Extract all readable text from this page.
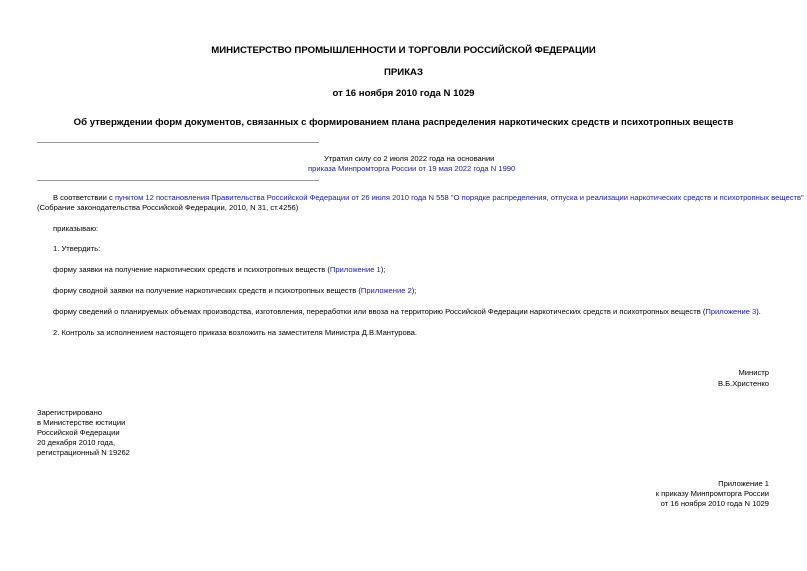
МИНИСТЕРСТВО ПРОМЫШЛЕННОСТИ И ТОРГОВЛИ РОССИЙСКОЙ ФЕДЕРАЦИИ
ПРИКАЗ
от 16 ноября 2010 года N 1029
Об утверждении форм документов, связанных с формированием плана распределения наркотических средств и психотропных веществ
Утратил силу со 2 июля 2022 года на основании
приказа Минпромторга России от 19 мая 2022 года N 1990
В соответствии с пунктом 12 постановления Правительства Российской Федерации от 26 июля 2010 года N 558 "О порядке распределения, отпуска и реализации наркотических средств и психотропных веществ"
(Собрание законодательства Российской Федерации, 2010, N 31, ст.4256)
приказываю:
1. Утвердить:
форму заявки на получение наркотических средств и психотропных веществ (Приложение 1);
форму сводной заявки на получение наркотических средств и психотропных веществ (Приложение 2);
форму сведений о планируемых объемах производства, изготовления, переработки или ввоза на территорию Российской Федерации наркотических средств и психотропных веществ (Приложение 3).
2. Контроль за исполнением настоящего приказа возложить на заместителя Министра Д.В.Мантурова.
Министр
В.Б.Христенко
Зарегистрировано
в Министерстве юстиции
Российской Федерации
20 декабря 2010 года,
регистрационный N 19262
Приложение 1
к приказу Минпромторга России
от 16 ноября 2010 года N 1029
